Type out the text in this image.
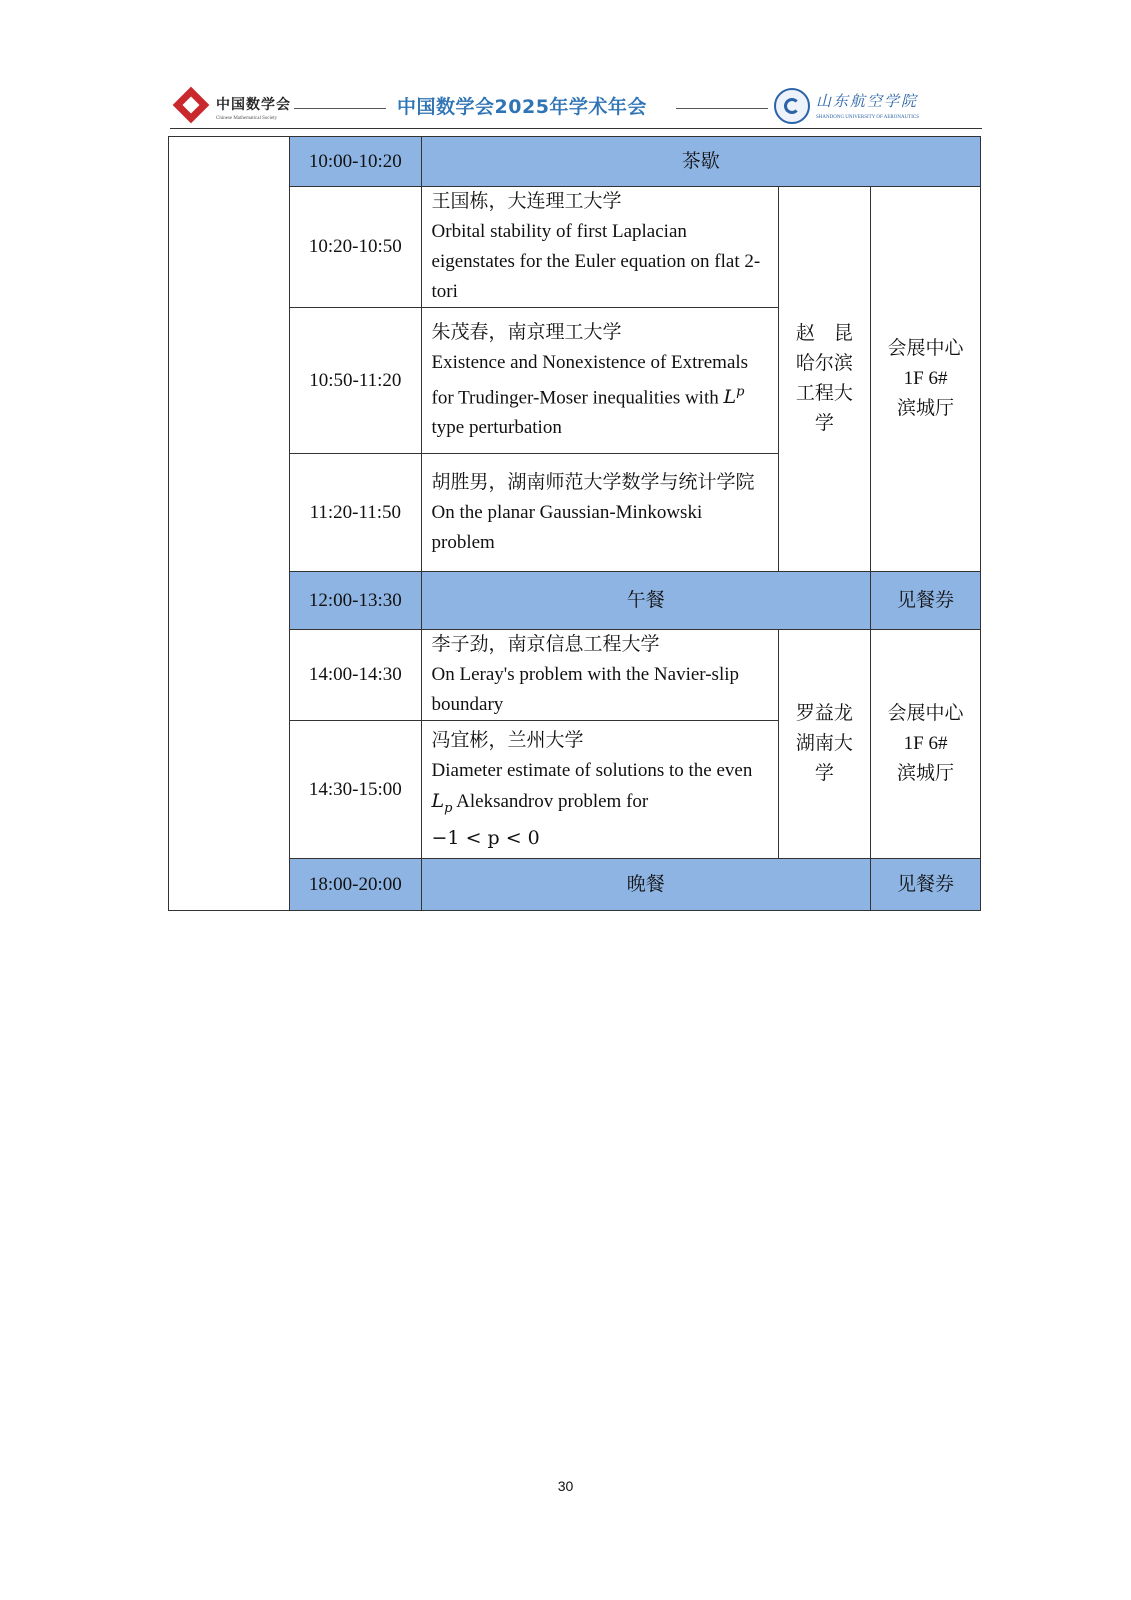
中国数学会
Chinese Mathematical Society
中国数学会2025年学术年会	山东航空学院
SHANDONG UNIVERSITY OF AERONAUTICS
	10:00-10:20	茶歇		
	10:20-10:50	王国栋，大连理工大学
Orbital stability of first Laplacian eigenstates for the Euler equation on flat 2-tori	赵　昆
哈尔滨
工程大
学	会展中心
1F 6#
滨城厅

	10:50-11:20	朱茂春，南京理工大学
Existence and Nonexistence of Extremals for Trudinger-Moser inequalities with $L^p$
type perturbation		

	11:20-11:50	胡胜男，湖南师范大学数学与统计学院
On the planar Gaussian-Minkowski problem		

	12:00-13:30	午餐		见餐券
	14:00-14:30	李子劲，南京信息工程大学
On Leray's problem with the Navier-slip boundary	罗益龙
湖南大
学	会展中心
1F 6#
滨城厅

	14:30-15:00	冯宜彬，兰州大学
Diameter estimate of solutions to the even $L_p$ Aleksandrov problem for
−1 < p < 0		

	18:00-20:00	晚餐		见餐券
30
